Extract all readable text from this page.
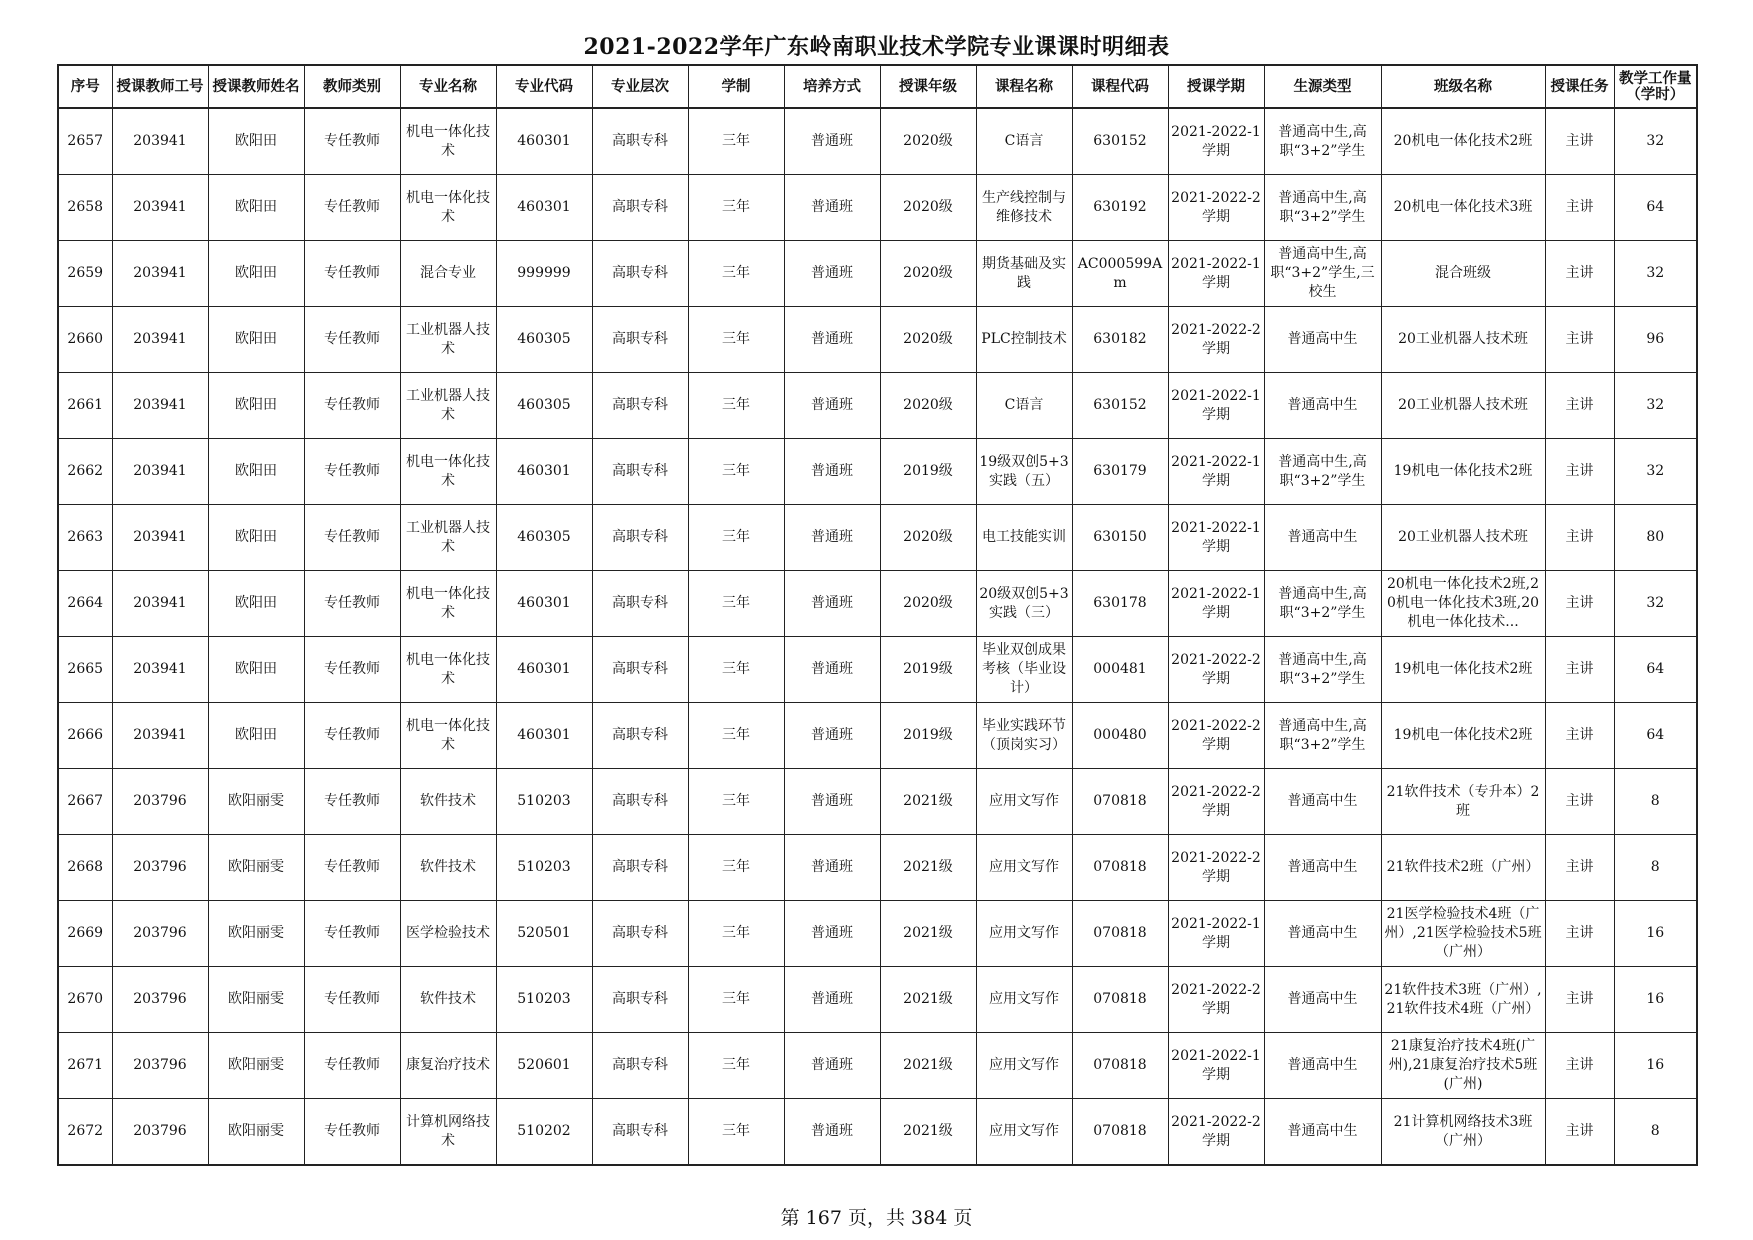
2021-2022学年广东岭南职业技术学院专业课课时明细表
序号	授课教师工号	授课教师姓名	教师类别	专业名称	专业代码	专业层次	学制	培养方式	授课年级	课程名称	课程代码	授课学期	生源类型	班级名称	授课任务	教学工作量（学时）

2657	203941	欧阳田	专任教师	机电一体化技术	460301	高职专科	三年	普通班	2020级	C语言	630152	2021-2022-1学期	普通高中生,高职“3+2”学生	20机电一体化技术2班	主讲	32

2658	203941	欧阳田	专任教师	机电一体化技术	460301	高职专科	三年	普通班	2020级	生产线控制与维修技术	630192	2021-2022-2学期	普通高中生,高职“3+2”学生	20机电一体化技术3班	主讲	64

2659	203941	欧阳田	专任教师	混合专业	999999	高职专科	三年	普通班	2020级	期货基础及实践	AC000599Am	2021-2022-1学期	普通高中生,高职“3+2”学生,三校生	混合班级	主讲	32

2660	203941	欧阳田	专任教师	工业机器人技术	460305	高职专科	三年	普通班	2020级	PLC控制技术	630182	2021-2022-2学期	普通高中生	20工业机器人技术班	主讲	96

2661	203941	欧阳田	专任教师	工业机器人技术	460305	高职专科	三年	普通班	2020级	C语言	630152	2021-2022-1学期	普通高中生	20工业机器人技术班	主讲	32

2662	203941	欧阳田	专任教师	机电一体化技术	460301	高职专科	三年	普通班	2019级	19级双创5+3实践（五）	630179	2021-2022-1学期	普通高中生,高职“3+2”学生	19机电一体化技术2班	主讲	32

2663	203941	欧阳田	专任教师	工业机器人技术	460305	高职专科	三年	普通班	2020级	电工技能实训	630150	2021-2022-1学期	普通高中生	20工业机器人技术班	主讲	80

2664	203941	欧阳田	专任教师	机电一体化技术	460301	高职专科	三年	普通班	2020级	20级双创5+3实践（三）	630178	2021-2022-1学期	普通高中生,高职“3+2”学生	20机电一体化技术2班,20机电一体化技术3班,20机电一体化技术...	主讲	32

2665	203941	欧阳田	专任教师	机电一体化技术	460301	高职专科	三年	普通班	2019级	毕业双创成果考核（毕业设计）	000481	2021-2022-2学期	普通高中生,高职“3+2”学生	19机电一体化技术2班	主讲	64

2666	203941	欧阳田	专任教师	机电一体化技术	460301	高职专科	三年	普通班	2019级	毕业实践环节（顶岗实习）	000480	2021-2022-2学期	普通高中生,高职“3+2”学生	19机电一体化技术2班	主讲	64

2667	203796	欧阳丽雯	专任教师	软件技术	510203	高职专科	三年	普通班	2021级	应用文写作	070818	2021-2022-2学期	普通高中生	21软件技术（专升本）2班	主讲	8

2668	203796	欧阳丽雯	专任教师	软件技术	510203	高职专科	三年	普通班	2021级	应用文写作	070818	2021-2022-2学期	普通高中生	21软件技术2班（广州）	主讲	8

2669	203796	欧阳丽雯	专任教师	医学检验技术	520501	高职专科	三年	普通班	2021级	应用文写作	070818	2021-2022-1学期	普通高中生	21医学检验技术4班（广州）,21医学检验技术5班（广州）	主讲	16

2670	203796	欧阳丽雯	专任教师	软件技术	510203	高职专科	三年	普通班	2021级	应用文写作	070818	2021-2022-2学期	普通高中生	21软件技术3班（广州）,21软件技术4班（广州）	主讲	16

2671	203796	欧阳丽雯	专任教师	康复治疗技术	520601	高职专科	三年	普通班	2021级	应用文写作	070818	2021-2022-1学期	普通高中生	21康复治疗技术4班(广州),21康复治疗技术5班(广州)	主讲	16

2672	203796	欧阳丽雯	专任教师	计算机网络技术	510202	高职专科	三年	普通班	2021级	应用文写作	070818	2021-2022-2学期	普通高中生	21计算机网络技术3班（广州）	主讲	8
第 167 页，共 384 页
